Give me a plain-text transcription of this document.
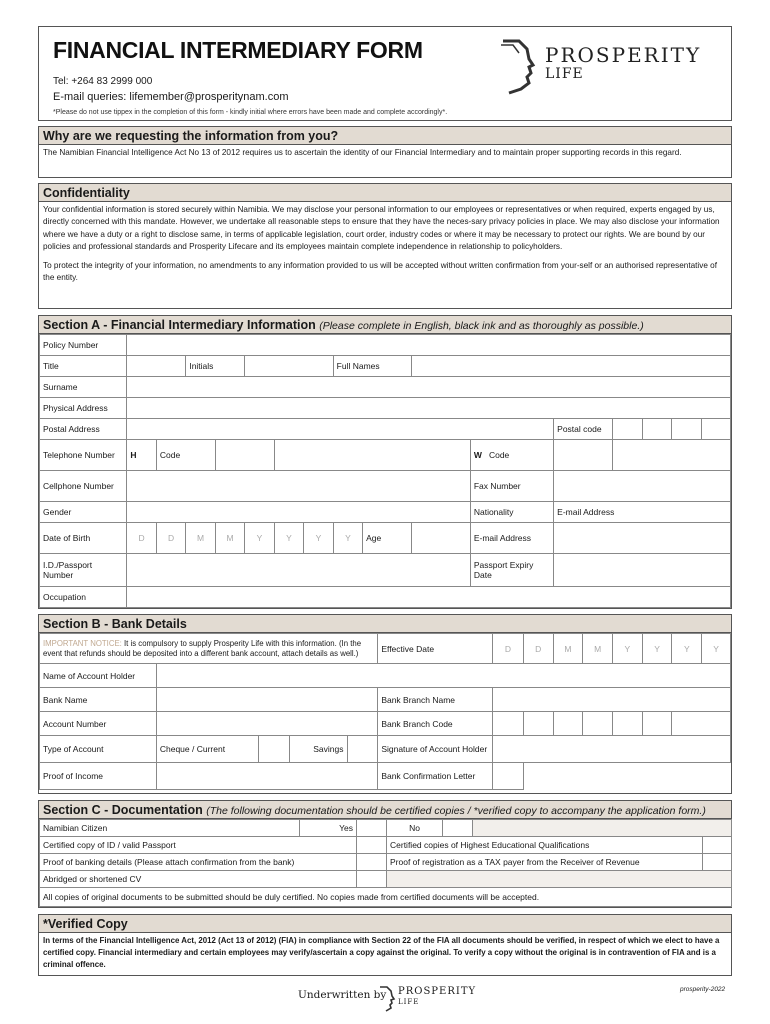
FINANCIAL INTERMEDIARY FORM
Tel: +264 83 2999 000
E-mail queries: lifemember@prosperitynam.com
*Please do not use tippex in the completion of this form - kindly initial where errors have been made and complete accordingly*.
PROSPERITY
LIFE
Why are we requesting the information from you?
The Namibian Financial Intelligence Act No 13 of 2012 requires us to ascertain the identity of our Financial Intermediary and to maintain proper supporting records in this regard.
Confidentiality
Your confidential information is stored securely within Namibia. We may disclose your personal information to our employees or representatives or when required, experts engaged by us, directly concerned with this mandate. However, we undertake all reasonable steps to ensure that they have the neces-sary privacy policies in place. We may also disclose your information where we have a duty or a right to disclose same, in terms of applicable legislation, court order, industry codes or where it may be necessary to protect our rights. We are bound by our policies and professional standards and Prosperity Lifecare and its employees maintain complete independence in relationship to policyholders.
To protect the integrity of your information, no amendments to any information provided to us will be accepted without written confirmation from your-self or an authorised representative of the entity.
Section A - Financial Intermediary Information (Please complete in English, black ink and as thoroughly as possible.)
Policy Number																
Title			Initials					Full Names								
Surname																
Physical Address																
Postal Address												Postal code				
Telephone Number	H	Code									W Code					
Cellphone Number											Fax Number					
Gender											Nationality	E-mail Address				
Date of Birth	D	D	M	M	Y	Y	Y	Y	Age		E-mail Address					
I.D./Passport Number											Passport Expiry Date					
Occupation																
Section B - Bank Details
IMPORTANT NOTICE: It is compulsory to supply Prosperity Life with this information. (In the event that refunds should be deposited into a different bank account, attach details as well.)					Effective Date	D	D	M	M	Y	Y	Y	Y
Name of Account Holder													
Bank Name					Bank Branch Name								
Account Number					Bank Branch Code								
Type of Account	Cheque / Current		Savings		Signature of Account Holder								
Proof of Income					Bank Confirmation Letter								
Section C - Documentation (The following documentation should be certified copies / *verified copy to accompany the application form.)
Namibian Citizen	Yes		No			
Certified copy of ID / valid Passport			Certified copies of Highest Educational Qualifications			
Proof of banking details (Please attach confirmation from the bank)			Proof of registration as a TAX payer from the Receiver of Revenue			
Abridged or shortened CV						
All copies of original documents to be submitted should be duly certified. No copies made from certified documents will be accepted.						
*Verified Copy
In terms of the Financial Intelligence Act, 2012 (Act 13 of 2012) (FIA) in compliance with Section 22 of the FIA all documents should be verified, in respect of which we elect to have a certified copy. Financial intermediary and certain employees may verify/ascertain a copy against the original. To verify a copy without the original is in contravention of FIA and is a criminal offence.
Underwritten by PROSPERITY
LIFE
prosperity-2022
